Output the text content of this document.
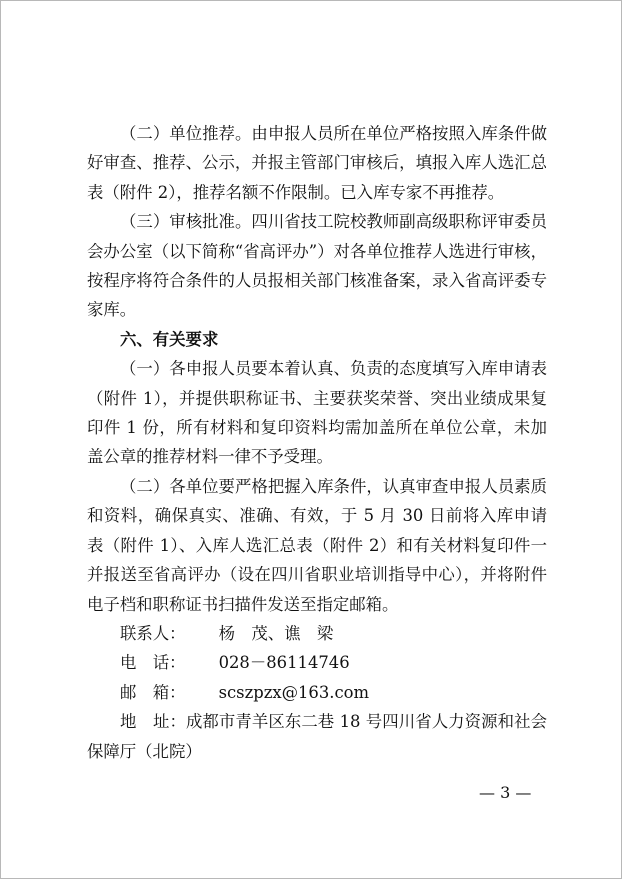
（二）单位推荐。由申报人员所在单位严格按照入库条件做好审查、推荐、公示，并报主管部门审核后，填报入库人选汇总表（附件 2），推荐名额不作限制。已入库专家不再推荐。

（三）审核批准。四川省技工院校教师副高级职称评审委员会办公室（以下简称“省高评办”）对各单位推荐人选进行审核，按程序将符合条件的人员报相关部门核准备案，录入省高评委专家库。

六、有关要求

（一）各申报人员要本着认真、负责的态度填写入库申请表（附件 1），并提供职称证书、主要获奖荣誉、突出业绩成果复印件 1 份，所有材料和复印资料均需加盖所在单位公章，未加盖公章的推荐材料一律不予受理。

（二）各单位要严格把握入库条件，认真审查申报人员素质和资料，确保真实、准确、有效，于 5 月 30 日前将入库申请表（附件 1）、入库人选汇总表（附件 2）和有关材料复印件一并报送至省高评办（设在四川省职业培训指导中心），并将附件电子档和职称证书扫描件发送至指定邮箱。

联系人：	杨　茂、谯　梁

电　话：	028－86114746

邮　箱：	scszpzx@163.com

地　址：成都市青羊区东二巷 18 号四川省人力资源和社会保障厅（北院）

— 3 —
